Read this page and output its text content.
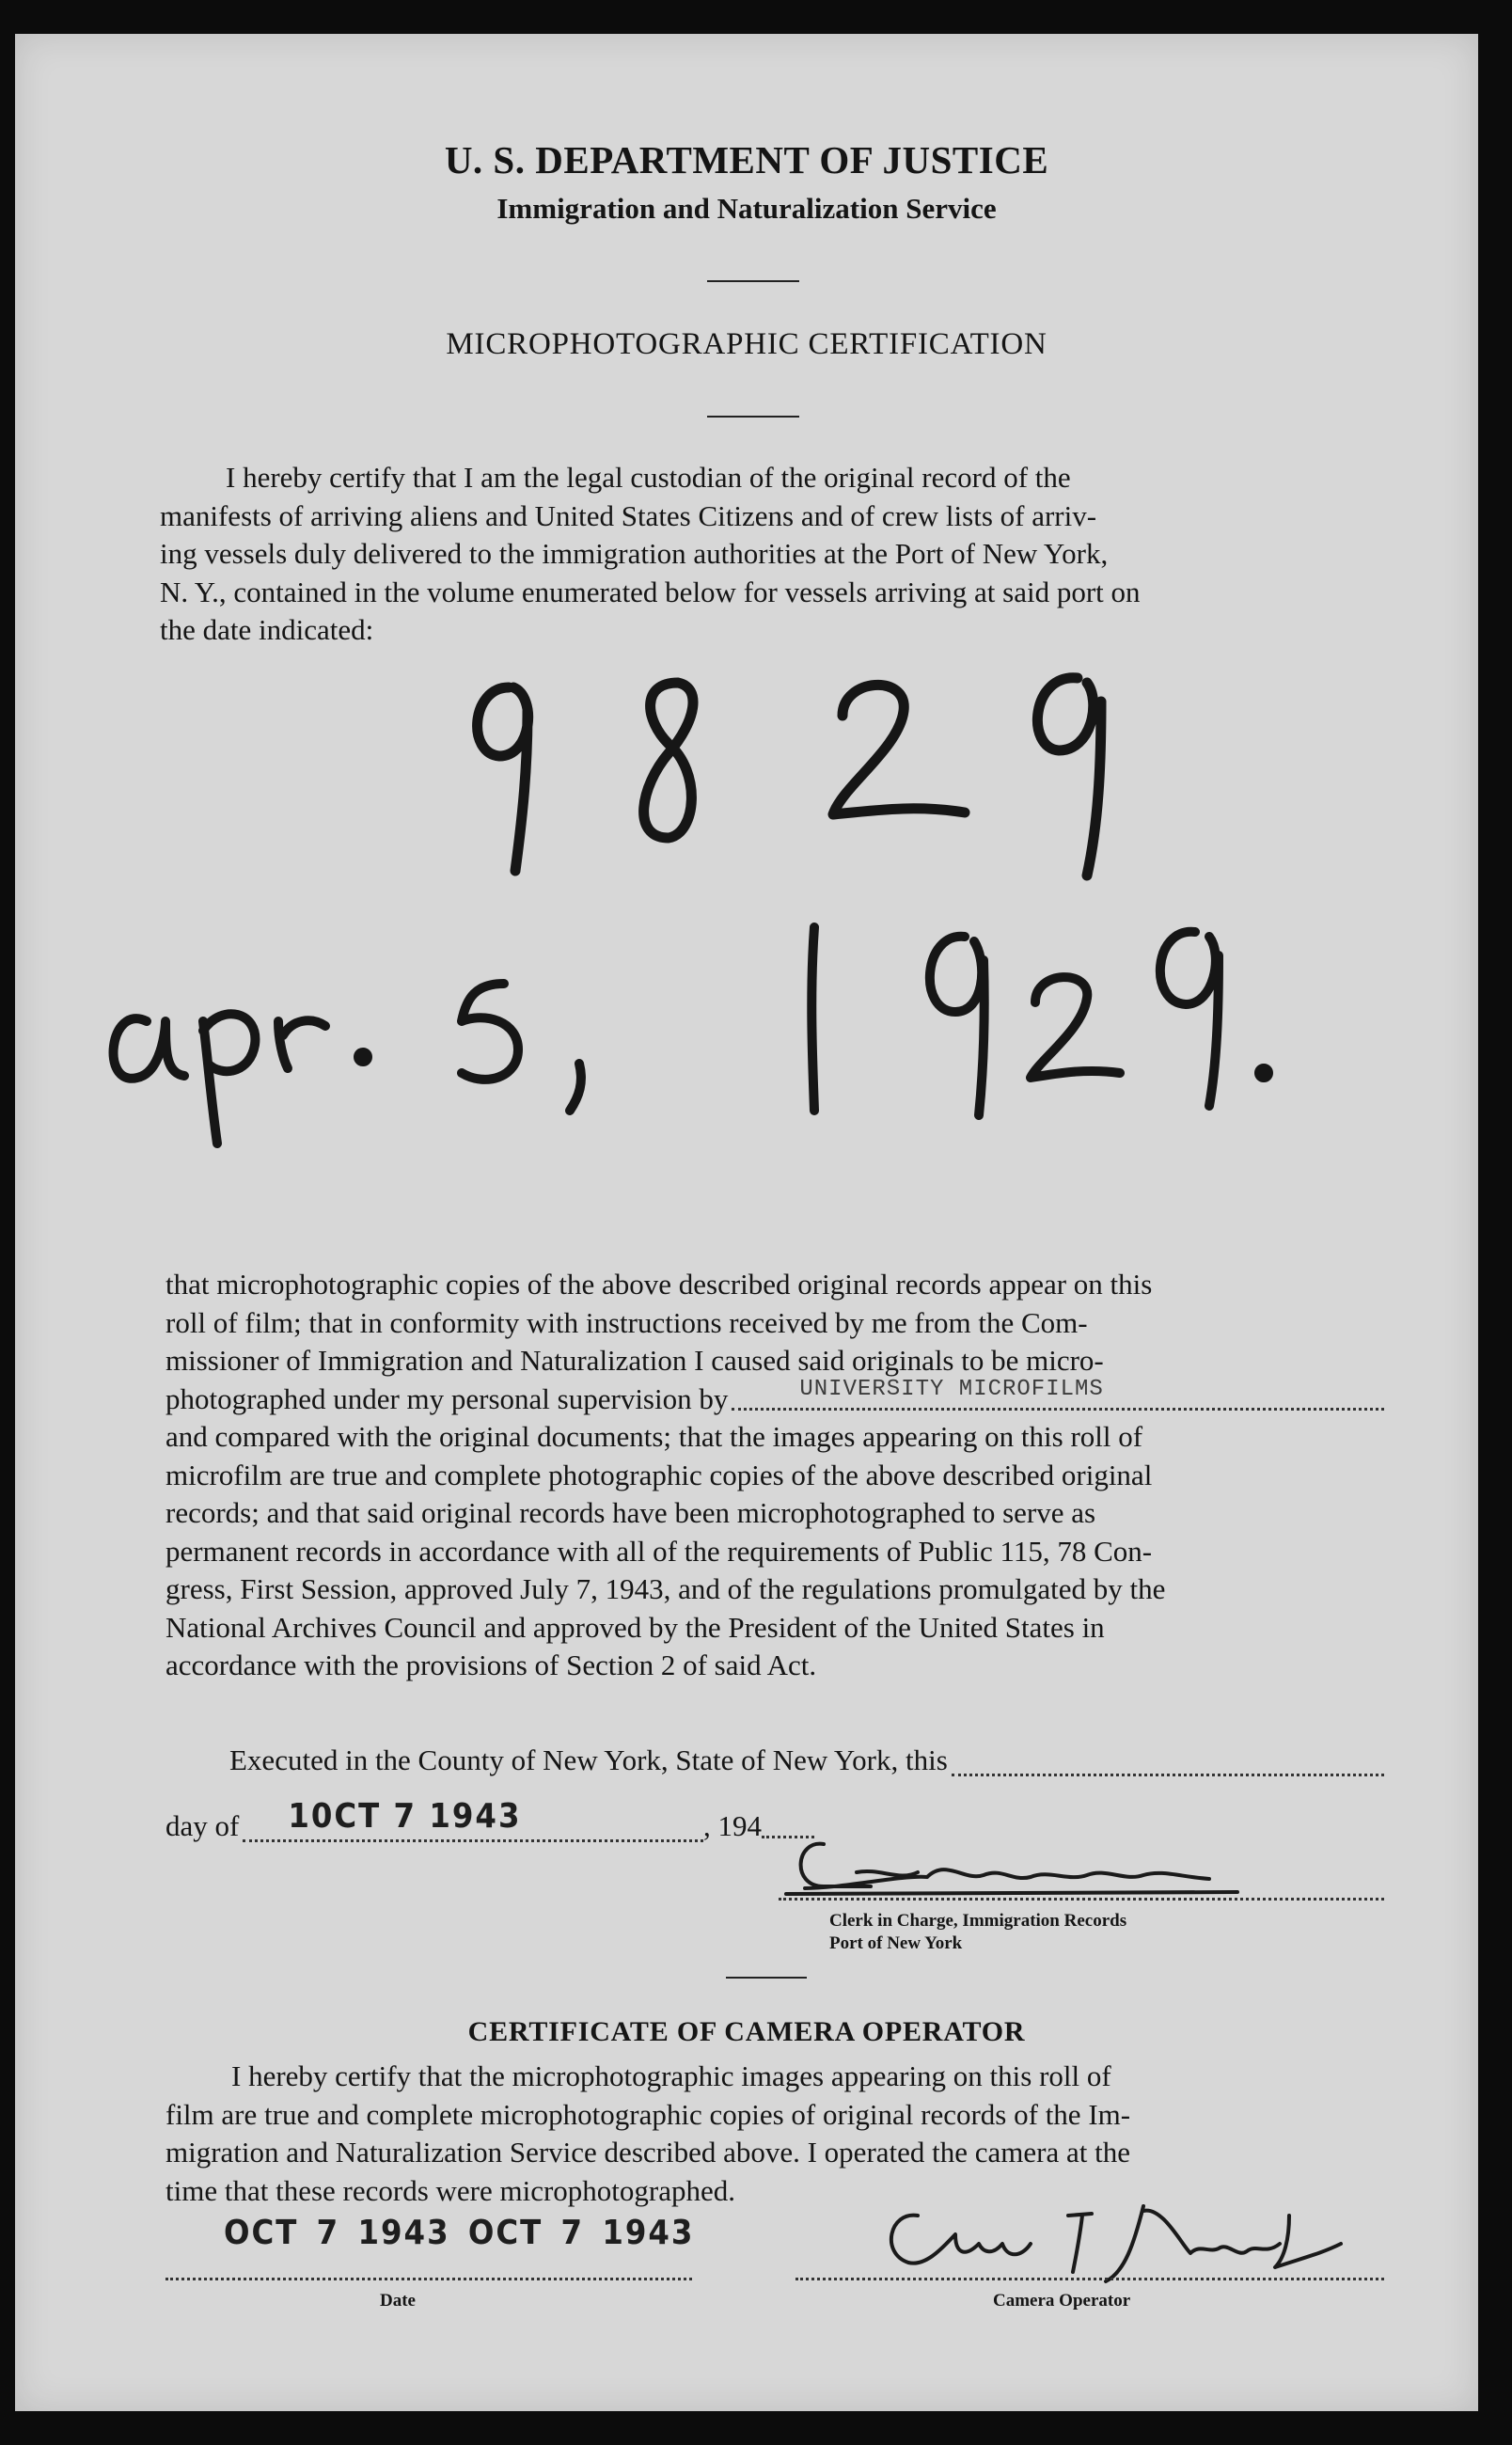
U. S. DEPARTMENT OF JUSTICE
Immigration and Naturalization Service
MICROPHOTOGRAPHIC CERTIFICATION
I hereby certify that I am the legal custodian of the original record of the
manifests of arriving aliens and United States Citizens and of crew lists of arriv-
ing vessels duly delivered to the immigration authorities at the Port of New York,
N. Y., contained in the volume enumerated below for vessels arriving at said port on
the date indicated:
that microphotographic copies of the above described original records appear on this
roll of film; that in conformity with instructions received by me from the Com-
missioner of Immigration and Naturalization I caused said originals to be micro-
photographed under my personal supervision by	UNIVERSITY MICROFILMS
and compared with the original documents; that the images appearing on this roll of
microfilm are true and complete photographic copies of the above described original
records; and that said original records have been microphotographed to serve as
permanent records in accordance with all of the requirements of Public 115, 78 Con-
gress, First Session, approved July 7, 1943, and of the regulations promulgated by the
National Archives Council and approved by the President of the United States in
accordance with the provisions of Section 2 of said Act.
Executed in the County of New York, State of New York, this
day of 10CT 7 1943	, 194
Clerk in Charge, Immigration Records
Port of New York
CERTIFICATE OF CAMERA OPERATOR
I hereby certify that the microphotographic images appearing on this roll of
film are true and complete microphotographic copies of original records of the Im-
migration and Naturalization Service described above. I operated the camera at the
time that these records were microphotographed.
OCT 7 1943 OCT 7 1943
Date	Camera Operator
